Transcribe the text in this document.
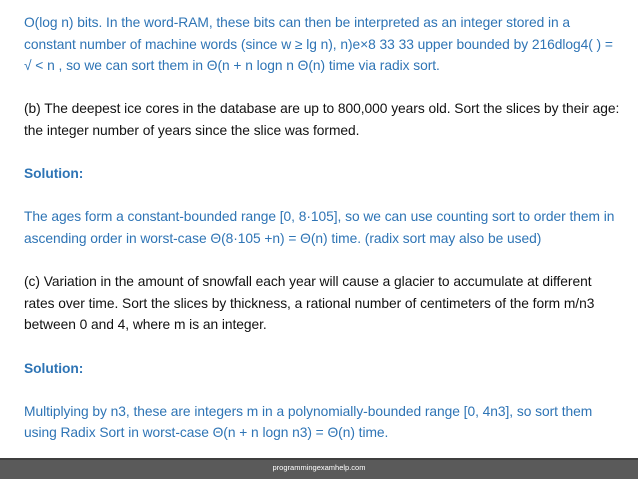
O(log n) bits. In the word-RAM, these bits can then be interpreted as an integer stored in a constant number of machine words (since w ≥ lg n), n)e×8 33 33 upper bounded by 216dlog4( ) = √ < n , so we can sort them in Θ(n + n logn n Θ(n) time via radix sort.

(b) The deepest ice cores in the database are up to 800,000 years old. Sort the slices by their age: the integer number of years since the slice was formed.

Solution:

The ages form a constant-bounded range [0, 8·105], so we can use counting sort to order them in ascending order in worst-case Θ(8·105 +n) = Θ(n) time. (radix sort may also be used)

(c) Variation in the amount of snowfall each year will cause a glacier to accumulate at different rates over time. Sort the slices by thickness, a rational number of centimeters of the form m/n3 between 0 and 4, where m is an integer.

Solution:

Multiplying by n3, these are integers m in a polynomially-bounded range [0, 4n3], so sort them using Radix Sort in worst-case Θ(n + n logn n3) = Θ(n) time.

programmingexamhelp.com
